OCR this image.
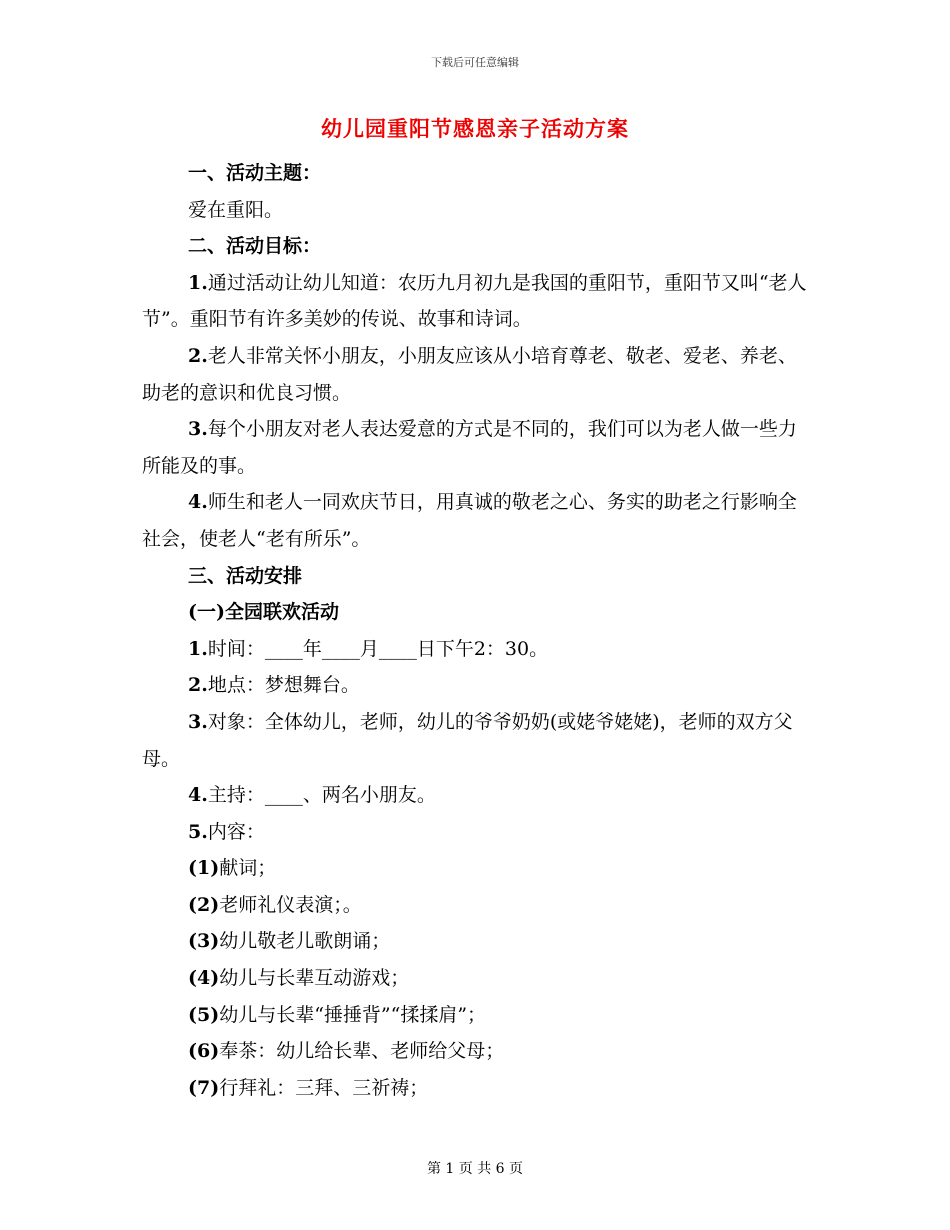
下载后可任意编辑
幼儿园重阳节感恩亲子活动方案

一、活动主题：

爱在重阳。

二、活动目标：

1.通过活动让幼儿知道：农历九月初九是我国的重阳节，重阳节又叫“老人节”。重阳节有许多美妙的传说、故事和诗词。

2.老人非常关怀小朋友，小朋友应该从小培育尊老、敬老、爱老、养老、助老的意识和优良习惯。

3.每个小朋友对老人表达爱意的方式是不同的，我们可以为老人做一些力所能及的事。

4.师生和老人一同欢庆节日，用真诚的敬老之心、务实的助老之行影响全社会，使老人“老有所乐”。

三、活动安排

(一)全园联欢活动

1.时间：____年____月____日下午2：30。

2.地点：梦想舞台。

3.对象：全体幼儿，老师，幼儿的爷爷奶奶(或姥爷姥姥)，老师的双方父母。

4.主持：____、两名小朋友。

5.内容：

(1)献词；

(2)老师礼仪表演；。

(3)幼儿敬老儿歌朗诵；

(4)幼儿与长辈互动游戏；

(5)幼儿与长辈“捶捶背”“揉揉肩”；

(6)奉茶：幼儿给长辈、老师给父母；

(7)行拜礼：三拜、三祈祷；

第 1 页 共 6 页
